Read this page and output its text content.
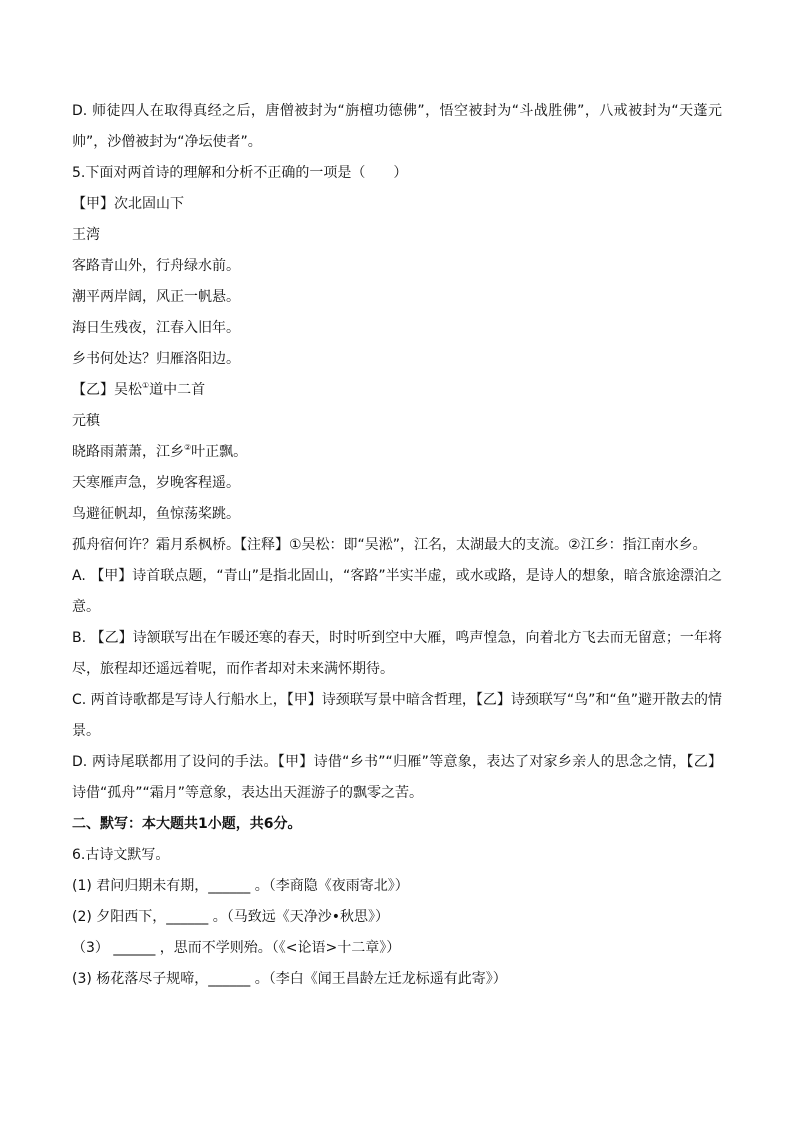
D. 师徒四人在取得真经之后，唐僧被封为“旃檀功德佛”，悟空被封为“斗战胜佛”，八戒被封为“天蓬元帅”，沙僧被封为“净坛使者”。
5.下面对两首诗的理解和分析不正确的一项是（　　）
【甲】次北固山下
王湾
客路青山外，行舟绿水前。
潮平两岸阔，风正一帆悬。
海日生残夜，江春入旧年。
乡书何处达？归雁洛阳边。
【乙】吴松①道中二首
元稹
晓路雨萧萧，江乡②叶正飘。
天寒雁声急，岁晚客程遥。
鸟避征帆却，鱼惊荡桨跳。
孤舟宿何许？霜月系枫桥。【注释】①吴松：即“吴淞”，江名，太湖最大的支流。②江乡：指江南水乡。
A. 【甲】诗首联点题，“青山”是指北固山，“客路”半实半虚，或水或路，是诗人的想象，暗含旅途漂泊之意。
B. 【乙】诗颔联写出在乍暖还寒的春天，时时听到空中大雁，鸣声惶急，向着北方飞去而无留意；一年将尽，旅程却还遥远着呢，而作者却对未来满怀期待。
C. 两首诗歌都是写诗人行船水上，【甲】诗颈联写景中暗含哲理，【乙】诗颈联写“鸟”和“鱼”避开散去的情景。
D. 两诗尾联都用了设问的手法。【甲】诗借“乡书”“归雁”等意象，表达了对家乡亲人的思念之情，【乙】诗借“孤舟”“霜月”等意象，表达出天涯游子的飘零之苦。
二、默写：本大题共1小题，共6分。
6.古诗文默写。
(1) 君问归期未有期，______ 。（李商隐《夜雨寄北》）
(2) 夕阳西下，______ 。（马致远《天净沙•秋思》）
（3） ______ ，思而不学则殆。（《<论语>十二章》）
(3) 杨花落尽子规啼，______ 。（李白《闻王昌龄左迁龙标遥有此寄》）
